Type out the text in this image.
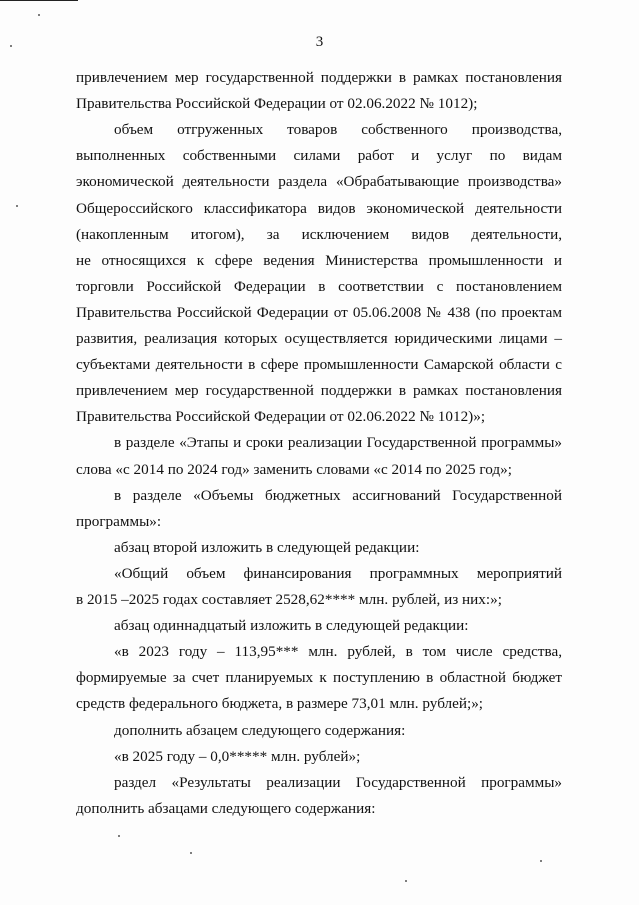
3
привлечением мер государственной поддержки в рамках постановления
Правительства Российской Федерации от 02.06.2022 № 1012);
объем отгруженных товаров собственного производства,
выполненных собственными силами работ и услуг по видам
экономической деятельности раздела «Обрабатывающие производства»
Общероссийского классификатора видов экономической деятельности
(накопленным итогом), за исключением видов деятельности,
не относящихся к сфере ведения Министерства промышленности и
торговли Российской Федерации в соответствии с постановлением
Правительства Российской Федерации от 05.06.2008 № 438 (по проектам
развития, реализация которых осуществляется юридическими лицами –
субъектами деятельности в сфере промышленности Самарской области с
привлечением мер государственной поддержки в рамках постановления
Правительства Российской Федерации от 02.06.2022 № 1012)»;
в разделе «Этапы и сроки реализации Государственной программы»
слова «с 2014 по 2024 год» заменить словами «с 2014 по 2025 год»;
в разделе «Объемы бюджетных ассигнований Государственной
программы»:
абзац второй изложить в следующей редакции:
«Общий объем финансирования программных мероприятий
в 2015 –2025 годах составляет 2528,62**** млн. рублей, из них:»;
абзац одиннадцатый изложить в следующей редакции:
«в 2023 году – 113,95*** млн. рублей, в том числе средства,
формируемые за счет планируемых к поступлению в областной бюджет
средств федерального бюджета, в размере 73,01 млн. рублей;»;
дополнить абзацем следующего содержания:
«в 2025 году – 0,0***** млн. рублей»;
раздел «Результаты реализации Государственной программы»
дополнить абзацами следующего содержания:
